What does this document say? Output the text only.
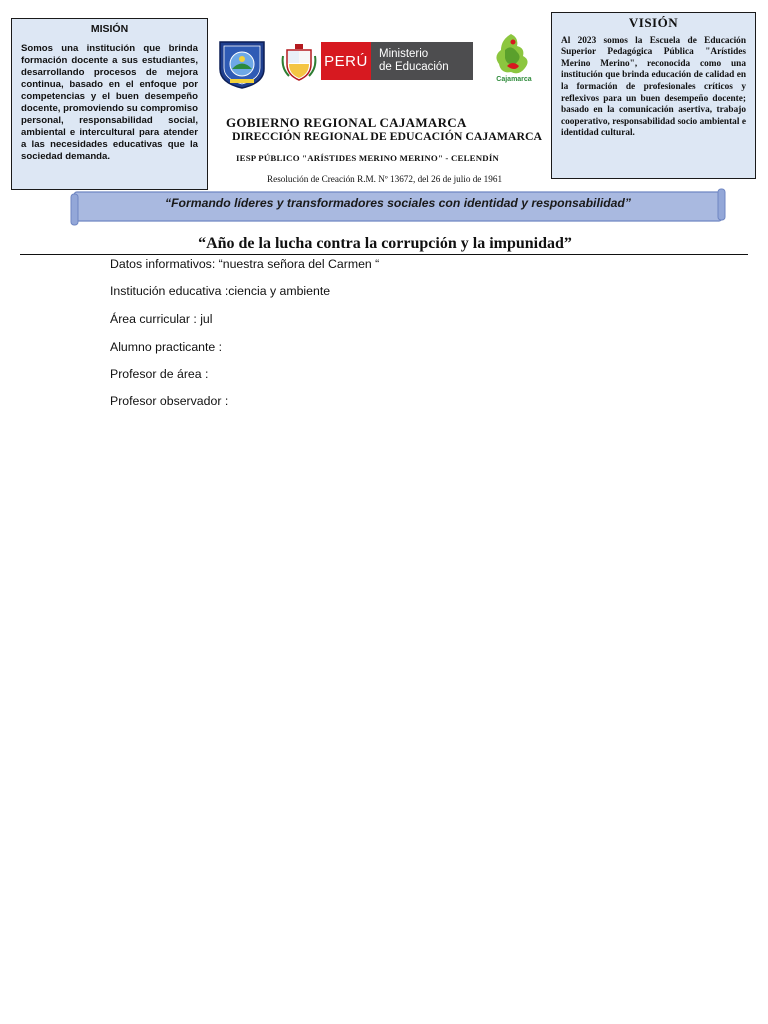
MISIÓN
Somos una institución que brinda formación docente a sus estudiantes, desarrollando procesos de mejora continua, basado en el enfoque por competencias y el buen desempeño docente, promoviendo su compromiso personal, responsabilidad social, ambiental e intercultural para atender a las necesidades educativas que la sociedad demanda.
PERÚ Ministerio
de Educación
Cajamarca
GOBIERNO REGIONAL CAJAMARCA
DIRECCIÓN REGIONAL DE EDUCACIÓN CAJAMARCA
IESP PÚBLICO "ARÍSTIDES MERINO MERINO" - CELENDÍN
Resolución de Creación R.M. Nº 13672, del 26 de julio de 1961
VISIÓN
Al 2023 somos la Escuela de Educación Superior Pedagógica Pública "Arístides Merino Merino", reconocida como una institución que brinda educación de calidad en la formación de profesionales críticos y reflexivos para un buen desempeño docente; basado en la comunicación asertiva, trabajo cooperativo, responsabilidad socio ambiental e identidad cultural.
“Formando líderes y transformadores sociales con identidad y responsabilidad”
“Año de la lucha contra la corrupción y la impunidad”
Datos informativos: “nuestra señora del Carmen “
Institución educativa :ciencia y ambiente
Área curricular : jul
Alumno practicante :
Profesor de área :
Profesor observador :
